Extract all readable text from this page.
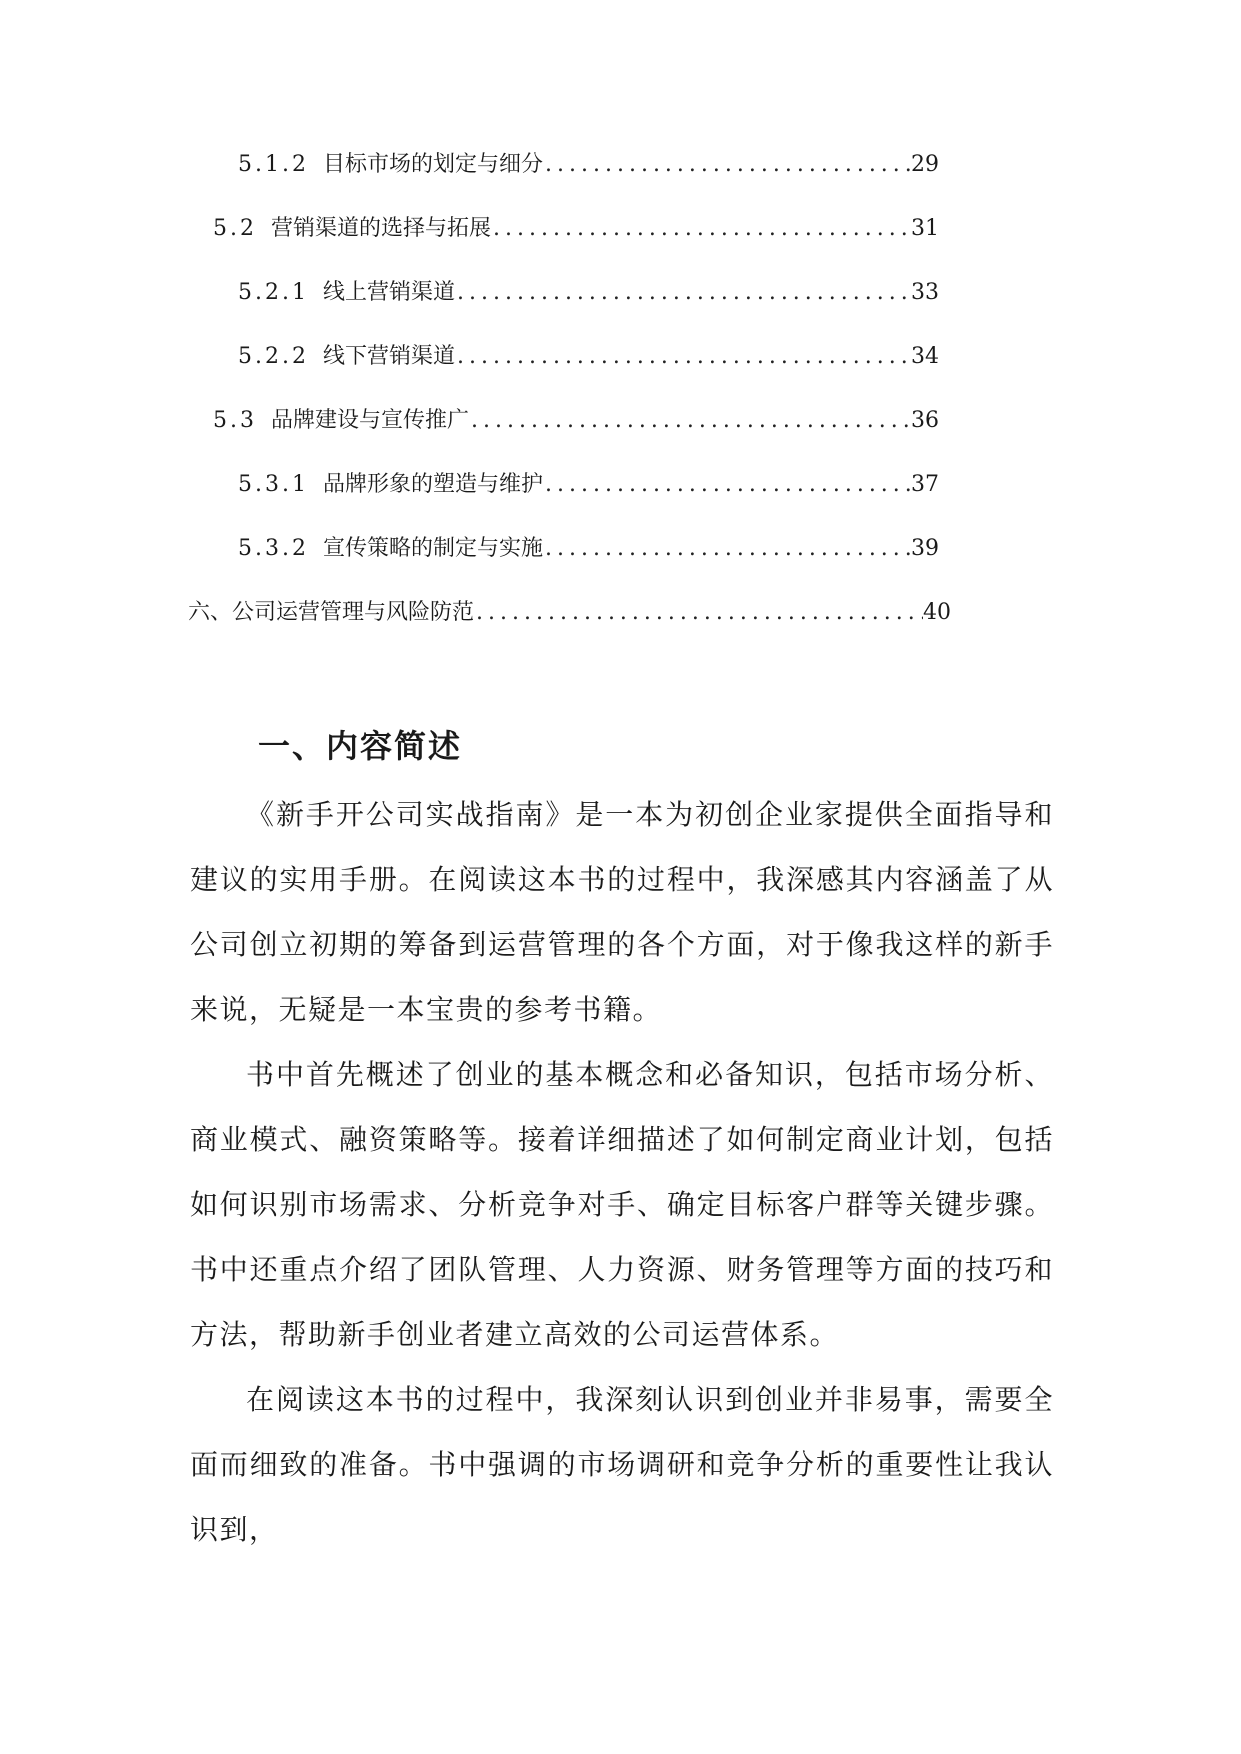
5.1.2 目标市场的划定与细分 .....	29
5.2 营销渠道的选择与拓展 .....	31
5.2.1 线上营销渠道 .....	33
5.2.2 线下营销渠道 .....	34
5.3 品牌建设与宣传推广 .....	36
5.3.1 品牌形象的塑造与维护 .....	37
5.3.2 宣传策略的制定与实施 .....	39
六、公司运营管理与风险防范 .....	40
一、内容简述

《新手开公司实战指南》是一本为初创企业家提供全面指导和建议的实用手册。在阅读这本书的过程中，我深感其内容涵盖了从公司创立初期的筹备到运营管理的各个方面，对于像我这样的新手来说，无疑是一本宝贵的参考书籍。

书中首先概述了创业的基本概念和必备知识，包括市场分析、商业模式、融资策略等。接着详细描述了如何制定商业计划，包括如何识别市场需求、分析竞争对手、确定目标客户群等关键步骤。书中还重点介绍了团队管理、人力资源、财务管理等方面的技巧和方法，帮助新手创业者建立高效的公司运营体系。

在阅读这本书的过程中，我深刻认识到创业并非易事，需要全面而细致的准备。书中强调的市场调研和竞争分析的重要性让我认识到，
